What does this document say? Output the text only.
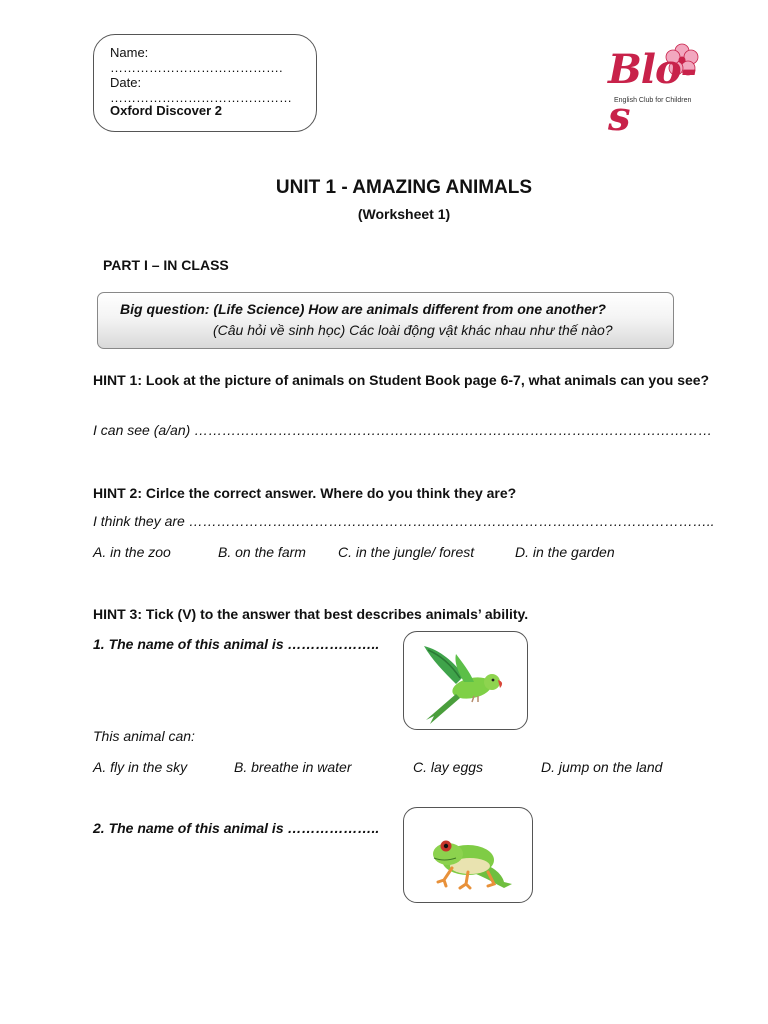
Name: ………………………………….
Date: ……………………………………
Oxford Discover 2
Blo-s
English Club for Children
UNIT 1 - AMAZING ANIMALS
(Worksheet 1)
PART I – IN CLASS
Big question: (Life Science) How are animals different from one another?
(Câu hỏi về sinh học) Các loài động vật khác nhau như thế nào?
HINT 1: Look at the picture of animals on Student Book page 6-7, what animals can you see?
I can see (a/an) …………………………………………………………………………………………………
HINT 2: Cirlce the correct answer. Where do you think they are?
I think they are …………………………………………………………………………………………………..
A. in the zoo	B. on the farm C. in the jungle/ forest	D. in the garden
HINT 3: Tick (V) to the answer that best describes animals’ ability.
1. The name of this animal is ………………..
This animal can:
A. fly in the sky	B. breathe in water	C. lay eggs	D. jump on the land
2. The name of this animal is ………………..
